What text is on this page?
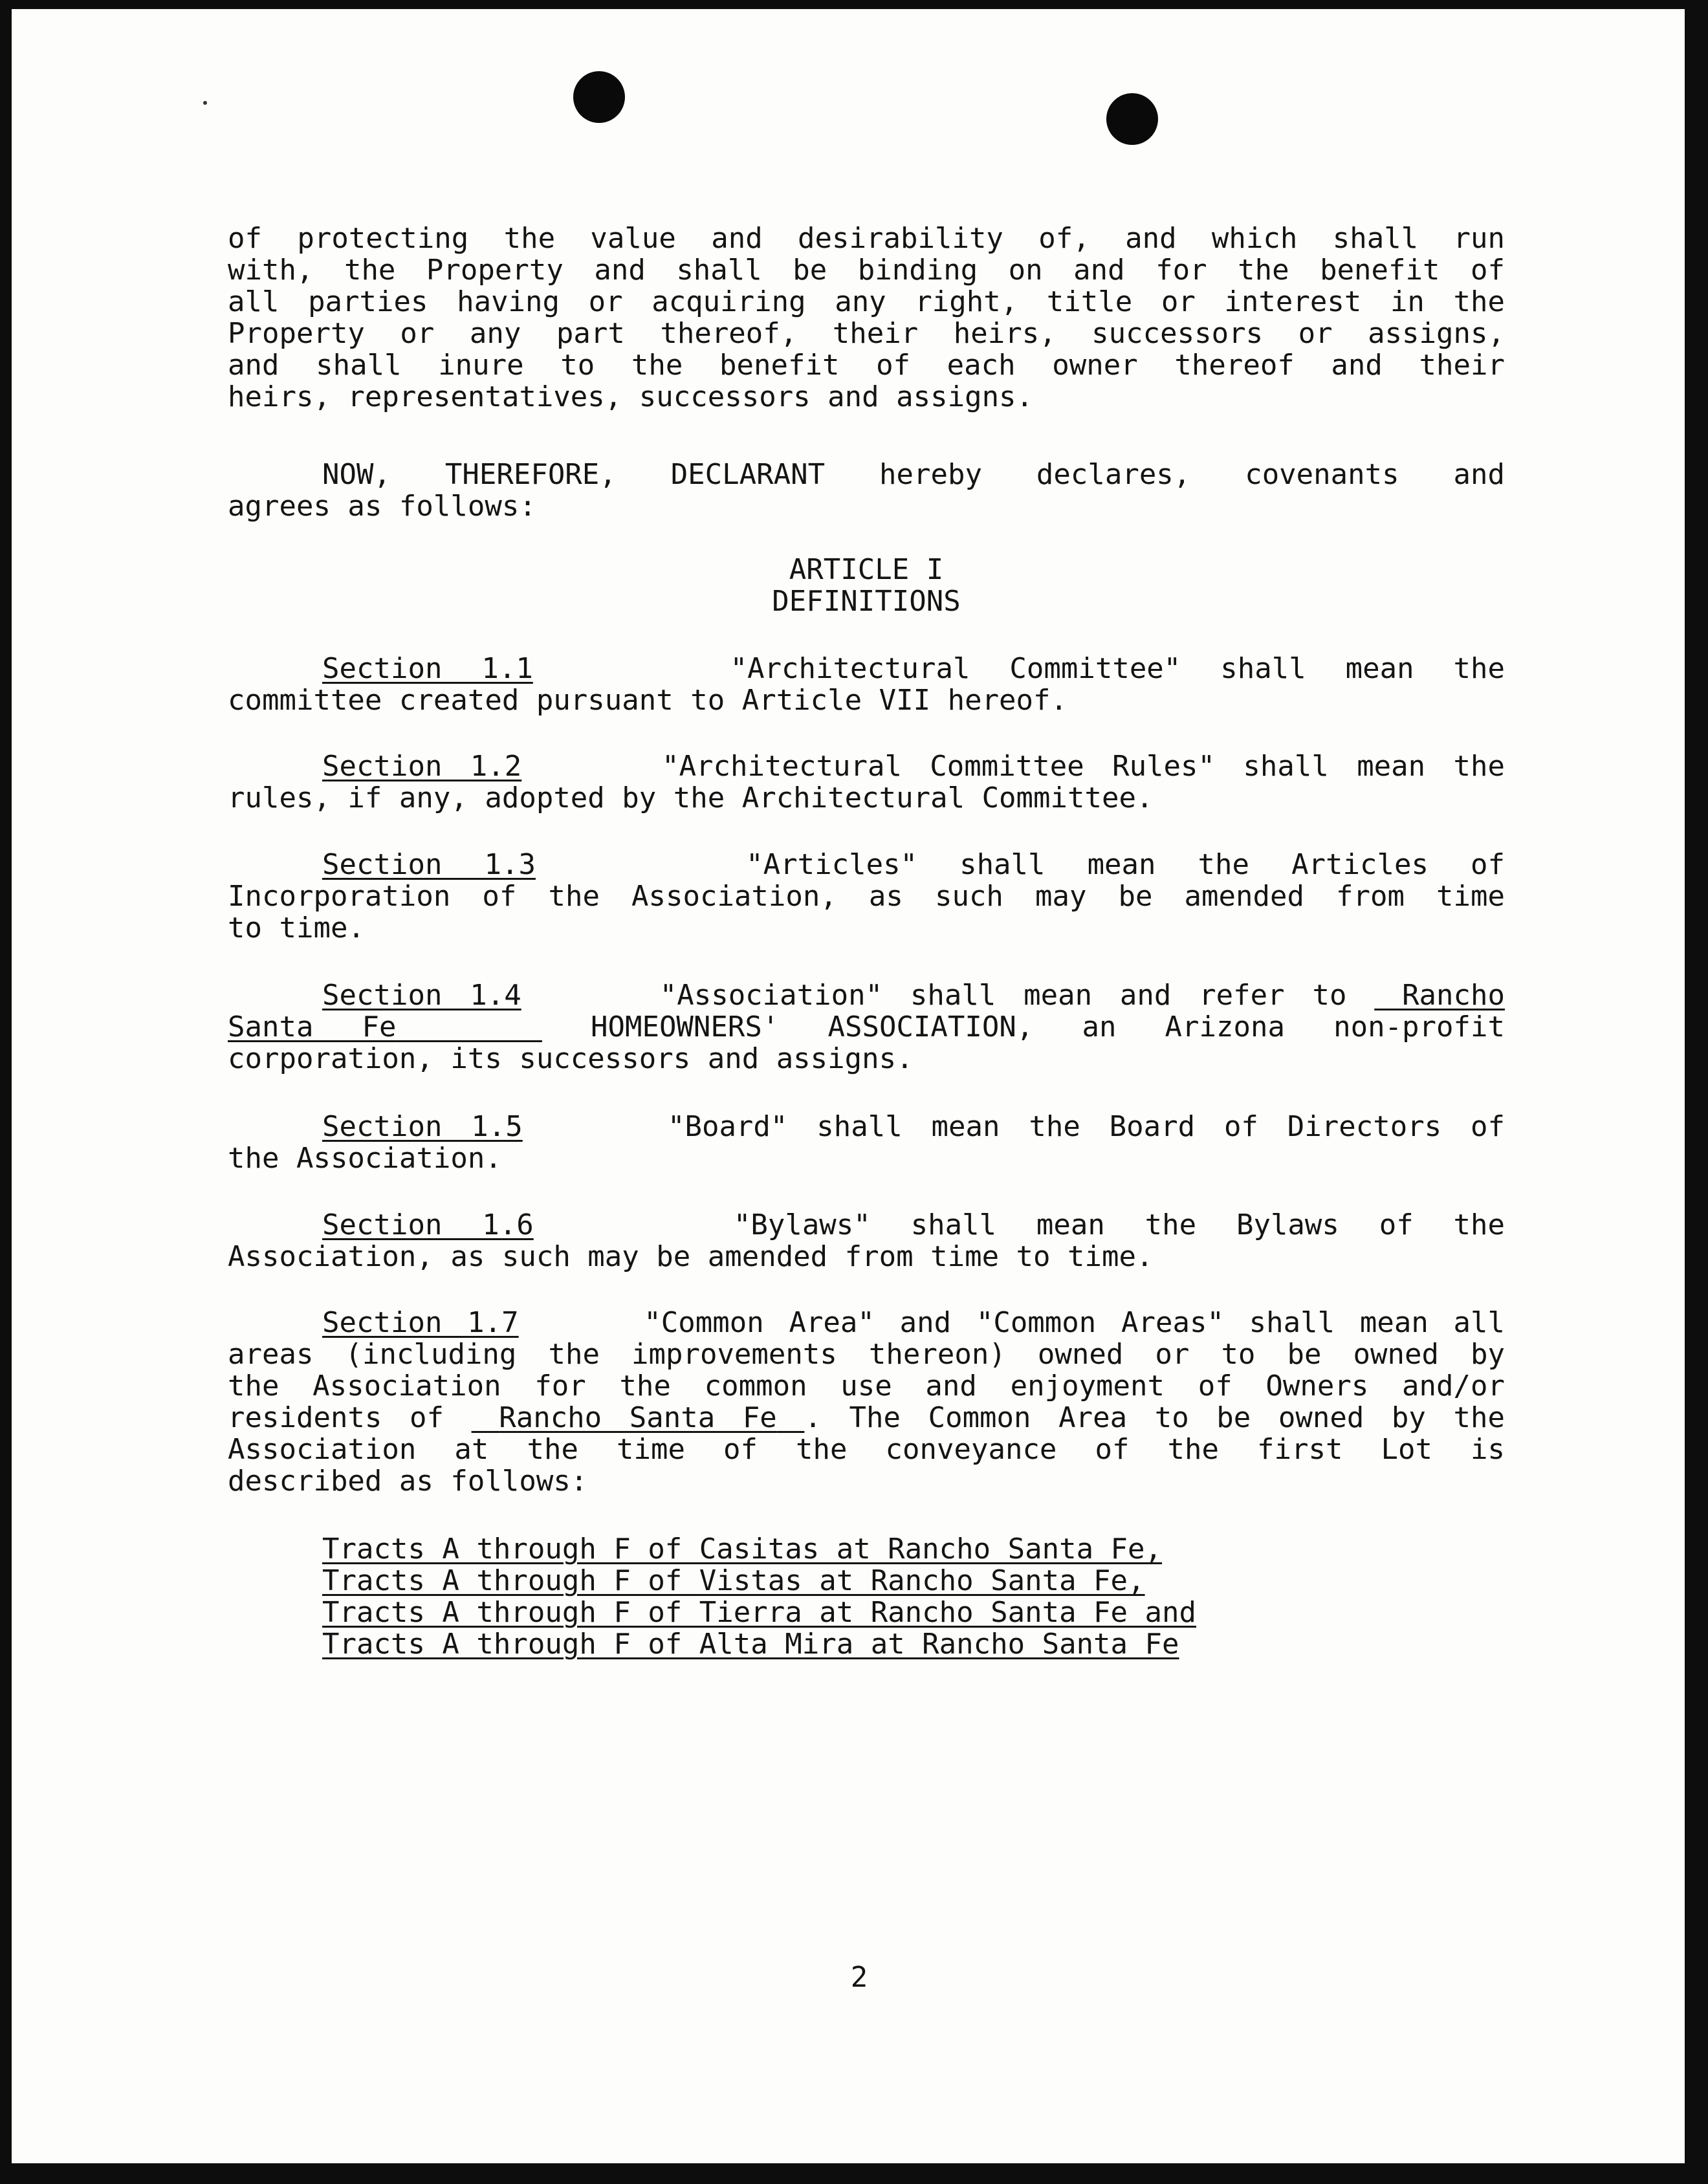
of protecting the value and desirability of, and which shall run
with, the Property and shall be binding on and for the benefit of
all parties having or acquiring any right, title or interest in the
Property or any part thereof, their heirs, successors or assigns,
and shall inure to the benefit of each owner thereof and their
heirs, representatives, successors and assigns.
NOW, THEREFORE, DECLARANT hereby declares, covenants and
agrees as follows:
ARTICLE I
DEFINITIONS
Section 1.1	"Architectural Committee" shall mean the
committee created pursuant to Article VII hereof.
Section 1.2	"Architectural Committee Rules" shall mean the
rules, if any, adopted by the Architectural Committee.
Section 1.3	"Articles" shall mean the Articles of
Incorporation of the Association, as such may be amended from time
to time.
Section 1.4	"Association" shall mean and refer to Rancho
Santa Fe	HOMEOWNERS' ASSOCIATION, an Arizona non-profit
corporation, its successors and assigns.
Section 1.5	"Board" shall mean the Board of Directors of
the Association.
Section 1.6	"Bylaws" shall mean the Bylaws of the
Association, as such may be amended from time to time.
Section 1.7	"Common Area" and "Common Areas" shall mean all
areas (including the improvements thereon) owned or to be owned by
the Association for the common use and enjoyment of Owners and/or
residents of Rancho Santa Fe . The Common Area to be owned by the
Association at the time of the conveyance of the first Lot is
described as follows:
Tracts A through F of Casitas at Rancho Santa Fe,
Tracts A through F of Vistas at Rancho Santa Fe,
Tracts A through F of Tierra at Rancho Santa Fe and
Tracts A through F of Alta Mira at Rancho Santa Fe
2
